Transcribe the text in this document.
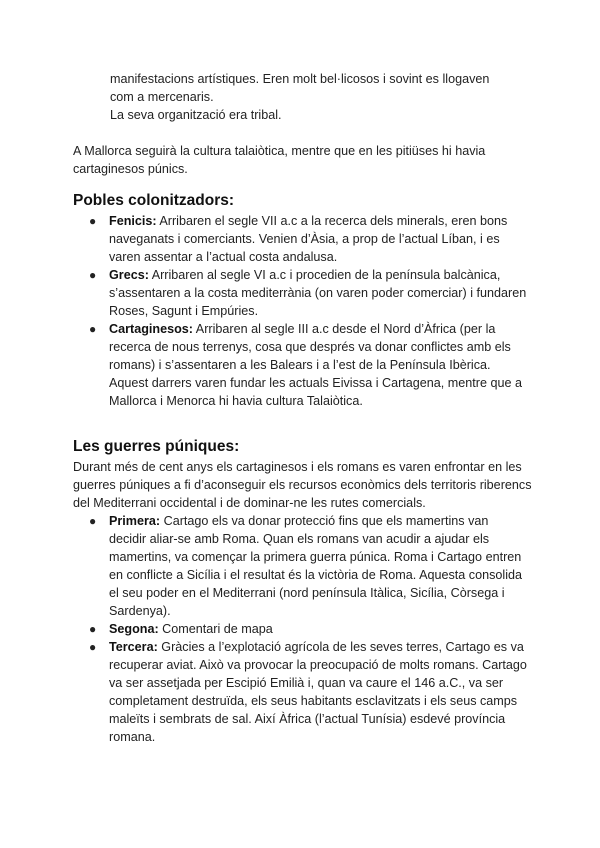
manifestacions artístiques. Eren molt bel·licosos i sovint es llogaven

com a mercenaris.

La seva organització era tribal.

A Mallorca seguirà la cultura talaiòtica, mentre que en les pitiüses hi havia cartaginesos púnics.

Pobles colonitzadors:
● Fenicis: Arribaren el segle VII a.c a la recerca dels minerals, eren bons naveganats i comerciants. Venien d’Àsia, a prop de l’actual Líban, i es varen assentar a l’actual costa andalusa.
● Grecs: Arribaren al segle VI a.c i procedien de la península balcànica, s’assentaren a la costa mediterrània (on varen poder comerciar) i fundaren Roses, Sagunt i Empúries.
● Cartaginesos: Arribaren al segle III a.c desde el Nord d’Àfrica (per la recerca de nous terrenys, cosa que després va donar conflictes amb els romans) i s’assentaren a les Balears i a l’est de la Península Ibèrica. Aquest darrers varen fundar les actuals Eivissa i Cartagena, mentre que a Mallorca i Menorca hi havia cultura Talaiòtica.
Les guerres púniques:

Durant més de cent anys els cartaginesos i els romans es varen enfrontar en les guerres púniques a fi d’aconseguir els recursos econòmics dels territoris riberencs del Mediterrani occidental i de dominar-ne les rutes comercials.

● Primera: Cartago els va donar protecció fins que els mamertins van decidir aliar-se amb Roma. Quan els romans van acudir a ajudar els mamertins, va començar la primera guerra púnica. Roma i Cartago entren en conflicte a Sicília i el resultat és la victòria de Roma. Aquesta consolida el seu poder en el Mediterrani (nord península Itàlica, Sicília, Còrsega i Sardenya).
● Segona: Comentari de mapa
● Tercera: Gràcies a l’explotació agrícola de les seves terres, Cartago es va recuperar aviat. Això va provocar la preocupació de molts romans. Cartago va ser assetjada per Escipió Emilià i, quan va caure el 146 a.C., va ser completament destruïda, els seus habitants esclavitzats i els seus camps maleïts i sembrats de sal. Així Àfrica (l’actual Tunísia) esdevé província romana.
